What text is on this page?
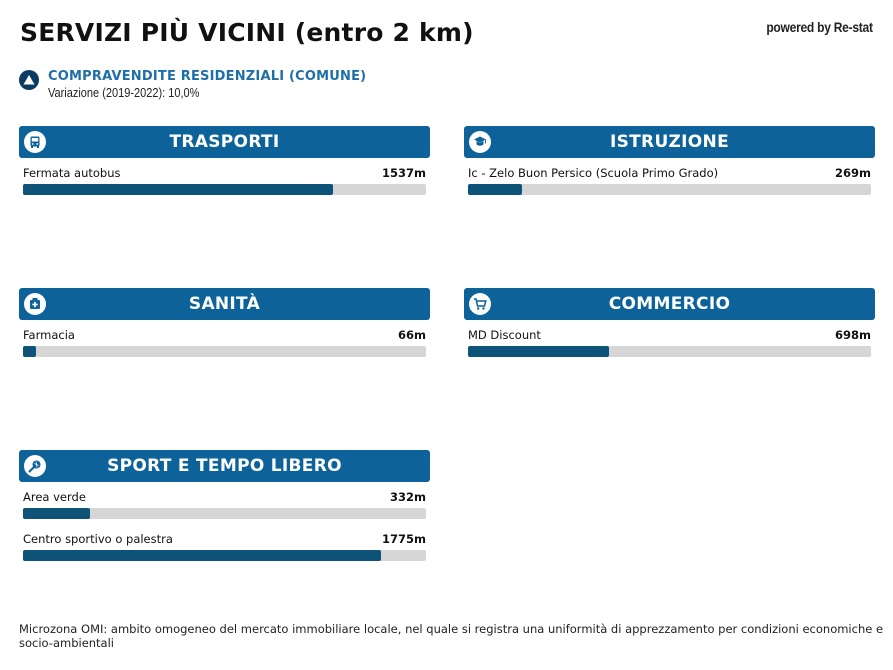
SERVIZI PIÙ VICINI (entro 2 km)	powered by Re-stat
COMPRAVENDITE RESIDENZIALI (COMUNE)
Variazione (2019-2022): 10,0%
TRASPORTI
Fermata autobus	1537m
ISTRUZIONE
Ic - Zelo Buon Persico (Scuola Primo Grado)	269m
SANITÀ
Farmacia	66m
COMMERCIO
MD Discount	698m
SPORT E TEMPO LIBERO
Area verde	332m
Centro sportivo o palestra	1775m
Microzona OMI: ambito omogeneo del mercato immobiliare locale, nel quale si registra una uniformità di apprezzamento per condizioni economiche e socio-ambientali
